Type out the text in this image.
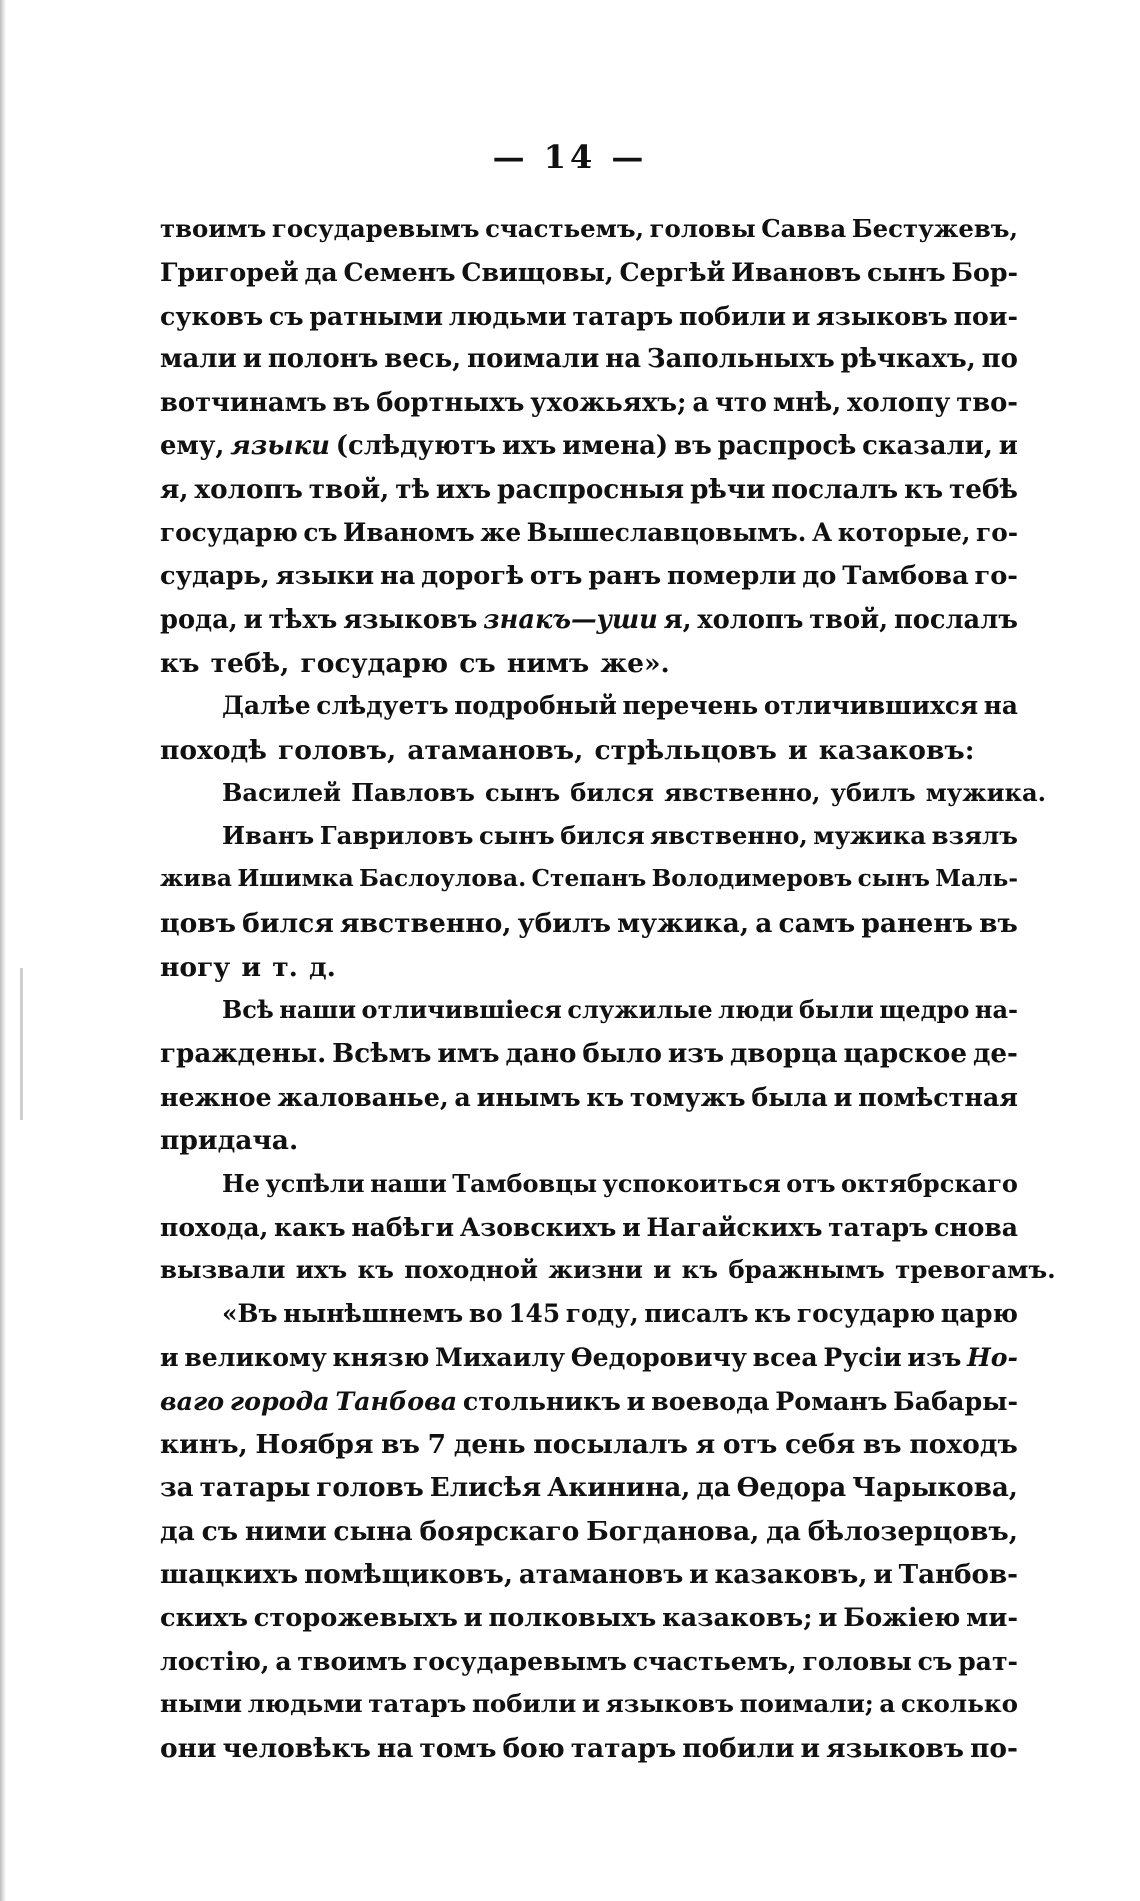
— 14 —
твоимъ государевымъ счастьемъ, головы Савва Бестужевъ,
Григорей да Семенъ Свищовы, Сергѣй Ивановъ сынъ Бор-
суковъ съ ратными людьми татаръ побили и языковъ пои-
мали и полонъ весь, поимали на Запольныхъ рѣчкахъ, по
вотчинамъ въ бортныхъ ухожьяхъ; а что мнѣ, холопу тво-
ему, языки (слѣдуютъ ихъ имена) въ распросѣ сказали, и
я, холопъ твой, тѣ ихъ распросныя рѣчи послалъ къ тебѣ
государю съ Иваномъ же Вышеславцовымъ. А которые, го-
сударь, языки на дорогѣ отъ ранъ померли до Тамбова го-
рода, и тѣхъ языковъ знакъ—уши я, холопъ твой, послалъ
къ тебѣ, государю съ нимъ же».
Далѣе слѣдуетъ подробный перечень отличившихся на
походѣ головъ, атамановъ, стрѣльцовъ и казаковъ:
Василей Павловъ сынъ бился явственно, убилъ мужика.
Иванъ Гавриловъ сынъ бился явственно, мужика взялъ
жива Ишимка Баслоулова. Степанъ Володимеровъ сынъ Маль-
цовъ бился явственно, убилъ мужика, а самъ раненъ въ
ногу и т. д.
Всѣ наши отличившіеся служилые люди были щедро на-
граждены. Всѣмъ имъ дано было изъ дворца царское де-
нежное жалованье, а инымъ къ томужъ была и помѣстная
придача.
Не успѣли наши Тамбовцы успокоиться отъ октябрскаго
похода, какъ набѣги Азовскихъ и Нагайскихъ татаръ снова
вызвали ихъ къ походной жизни и къ бражнымъ тревогамъ.
«Въ нынѣшнемъ во 145 году, писалъ къ государю царю
и великому князю Михаилу Ѳедоровичу всеа Русіи изъ Но-
ваго города Танбова стольникъ и воевода Романъ Бабары-
кинъ, Ноября въ 7 день посылалъ я отъ себя въ походъ
за татары головъ Елисѣя Акинина, да Ѳедора Чарыкова,
да съ ними сына боярскаго Богданова, да бѣлозерцовъ,
шацкихъ помѣщиковъ, атамановъ и казаковъ, и Танбов-
скихъ сторожевыхъ и полковыхъ казаковъ; и Божіею ми-
лостію, а твоимъ государевымъ счастьемъ, головы съ рат-
ными людьми татаръ побили и языковъ поимали; а сколько
они человѣкъ на томъ бою татаръ побили и языковъ по-
